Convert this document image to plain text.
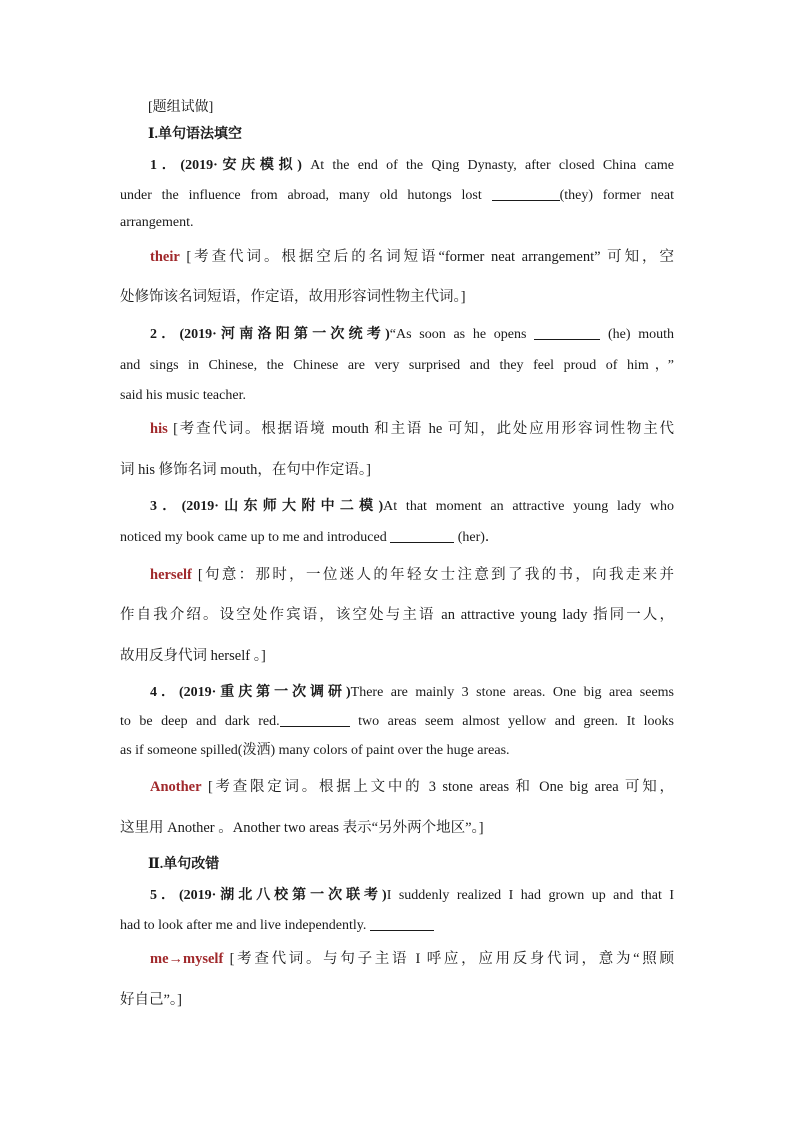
[题组试做]
Ⅰ.单句语法填空
1．(2019·安庆模拟) At the end of the Qing Dynasty, after closed China came
under the influence from abroad, many old hutongs lost	(they) former neat
arrangement.
their [考查代词。根据空后的名词短语“former neat arrangement” 可知，空
处修饰该名词短语，作定语，故用形容词性物主代词。]
2．(2019·河南洛阳第一次统考)“As soon as he opens	(he) mouth
and sings in Chinese, the Chinese are very surprised and they feel proud of him，”
said his music teacher.
his [考查代词。根据语境 mouth 和主语 he 可知，此处应用形容词性物主代
词 his 修饰名词 mouth，在句中作定语。]
3．(2019·山东师大附中二模)At that moment an attractive young lady who
noticed my book came up to me and introduced	(her)．
herself [句意：那时，一位迷人的年轻女士注意到了我的书，向我走来并
作自我介绍。设空处作宾语，该空处与主语 an attractive young lady 指同一人，
故用反身代词 herself 。]
4．(2019·重庆第一次调研)There are mainly 3 stone areas. One big area seems
to be deep and dark red.	two areas seem almost yellow and green. It looks
as if someone spilled(泼洒) many colors of paint over the huge areas.
Another [考查限定词。根据上文中的 3 stone areas 和 One big area 可知，
这里用 Another 。Another two areas 表示“另外两个地区”。]
Ⅱ.单句改错
5．(2019·湖北八校第一次联考)I suddenly realized I had grown up and that I
had to look after me and live independently.
me→myself [考查代词。与句子主语 I 呼应，应用反身代词，意为“照顾
好自己”。]
